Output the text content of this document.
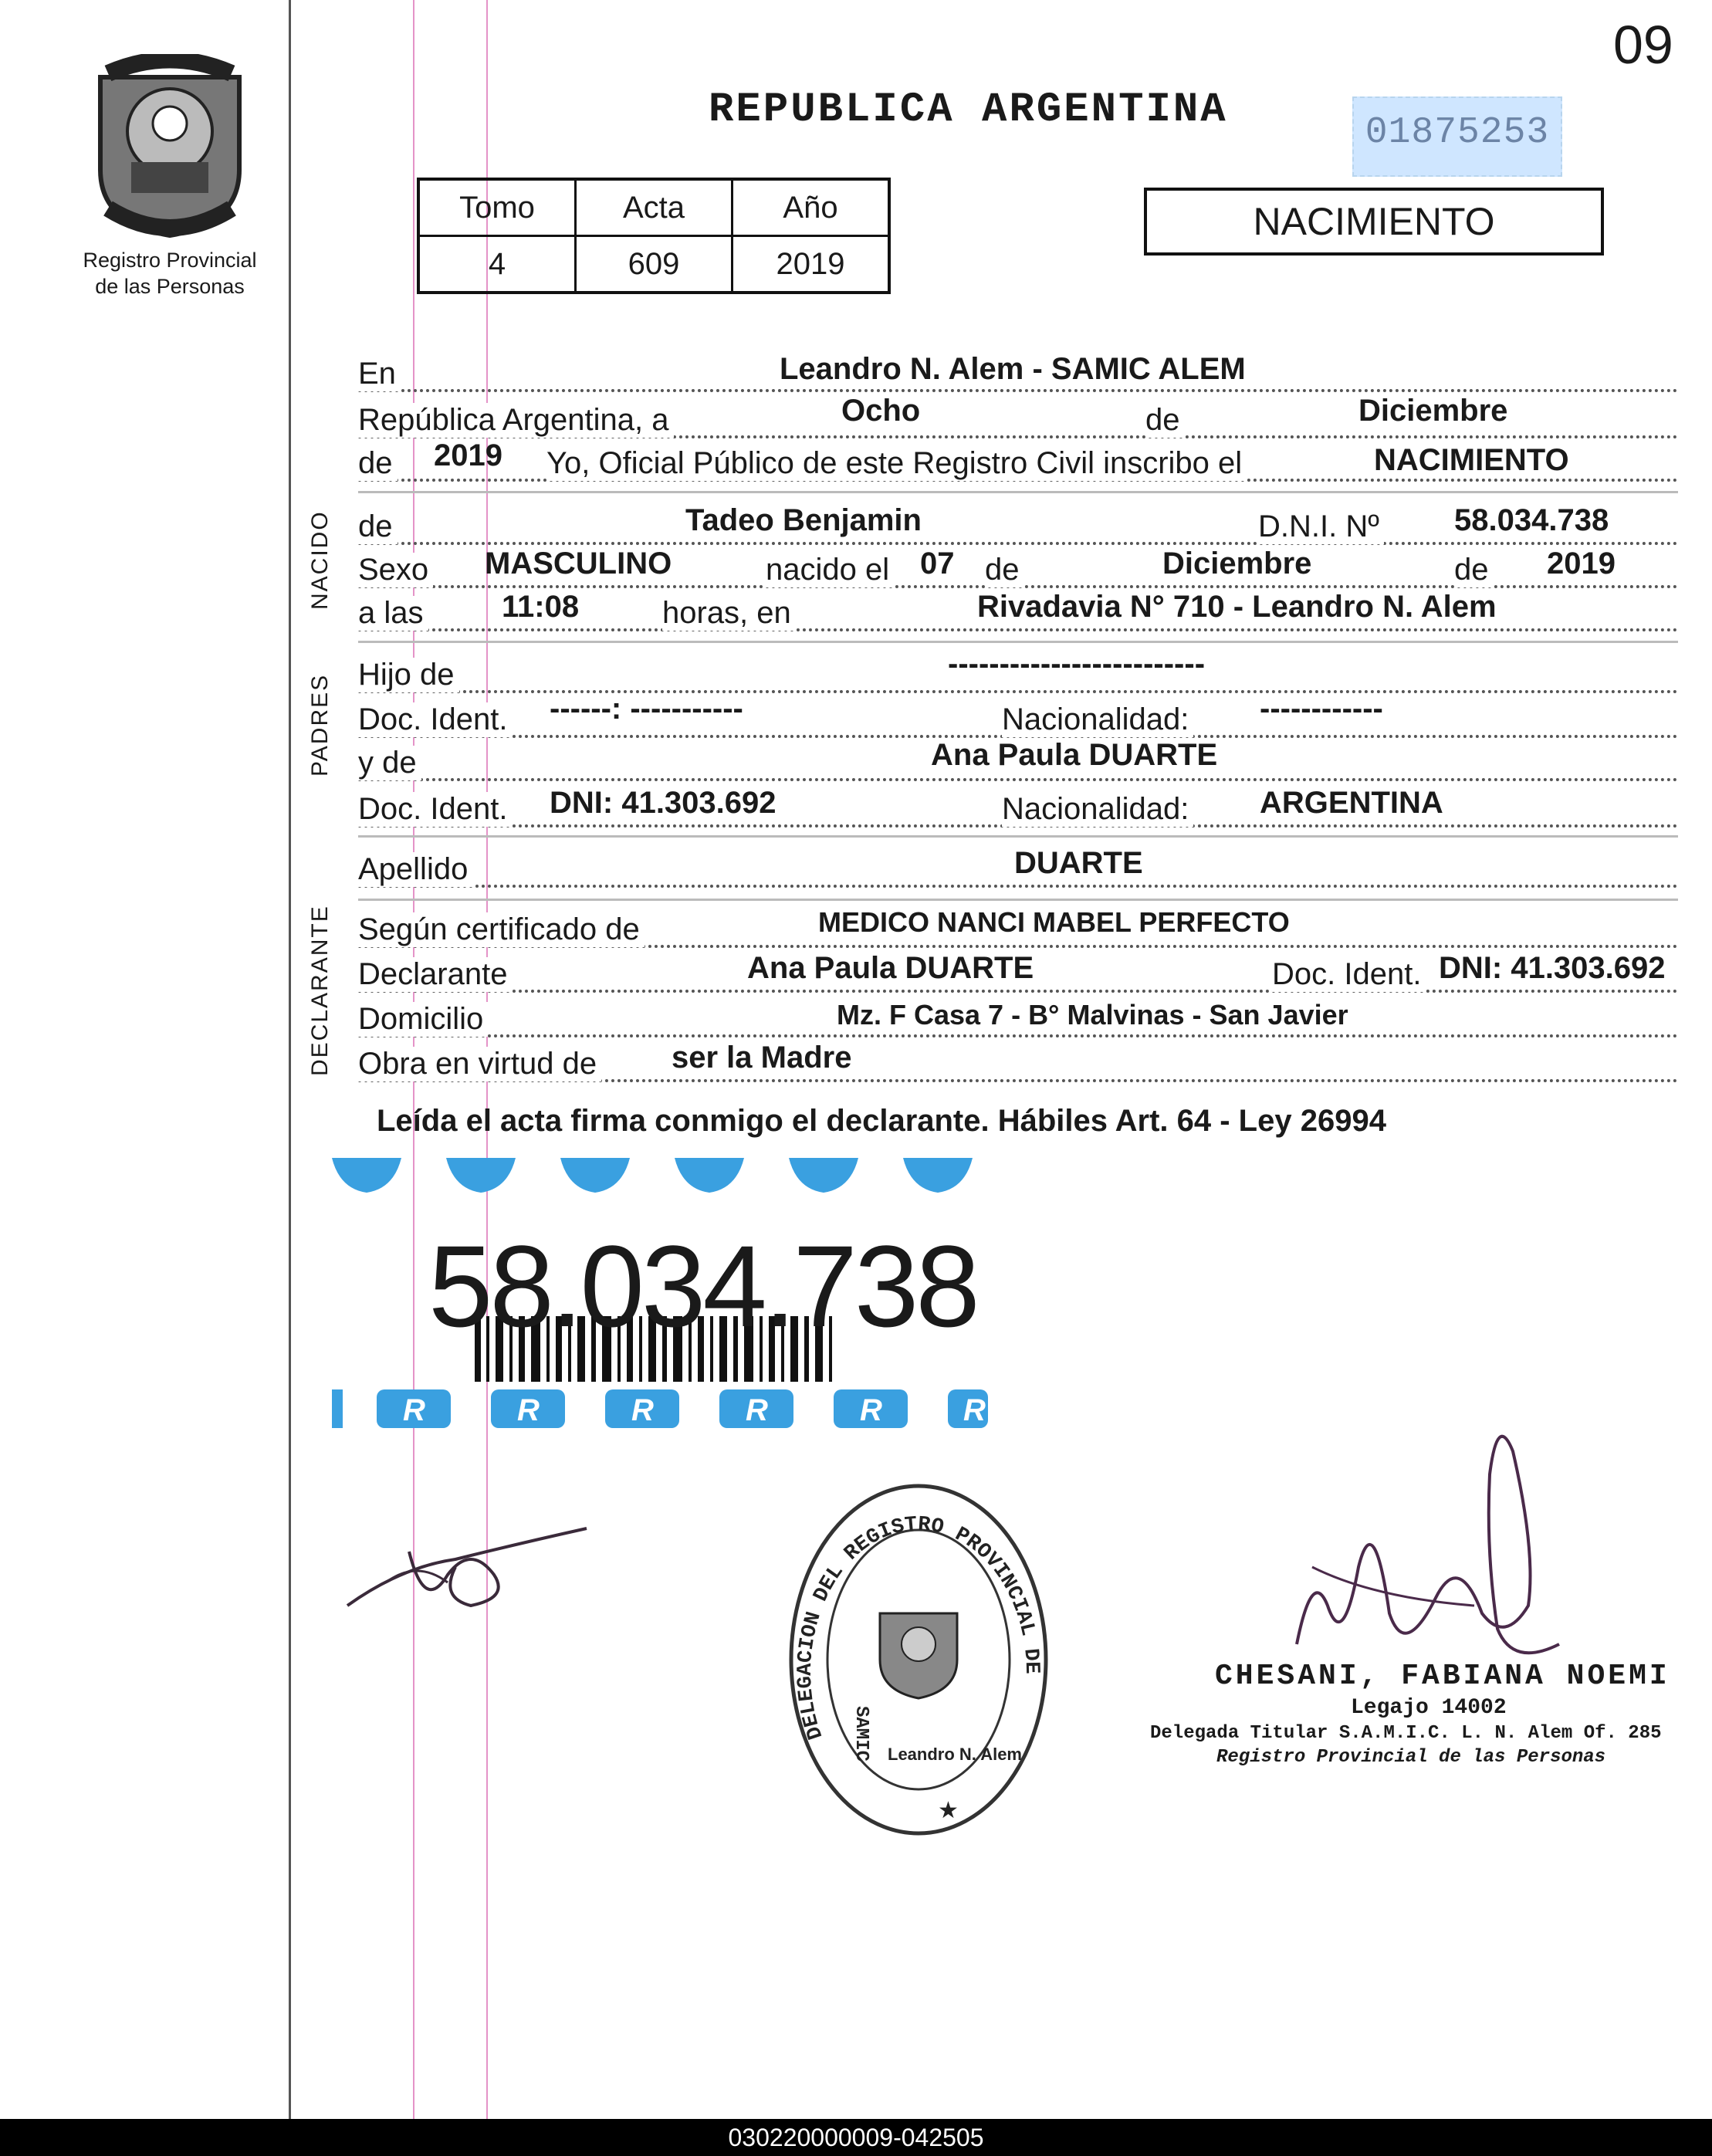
09
Registro Provincial
de las Personas
REPUBLICA ARGENTINA	01875253
Tomo	Acta	Año
4	609	2019
NACIMIENTO
En	Leandro N. Alem - SAMIC ALEM
República Argentina, a	Ocho	de	Diciembre
de 2019 Yo, Oficial Público de este Registro Civil inscribo el	NACIMIENTO
NACIDO de	Tadeo Benjamin	D.N.I. Nº 58.034.738
Sexo MASCULINO	nacido el 07 de	Diciembre	de 2019
a las	11:08	horas, en	Rivadavia N° 710 - Leandro N. Alem
PADRES Hijo de	-------------------------
Doc. Ident. ------: -----------	Nacionalidad: ------------
y de	Ana Paula DUARTE
Doc. Ident. DNI: 41.303.692	Nacionalidad: ARGENTINA
Apellido	DUARTE
DECLARANTE Según certificado de	MEDICO NANCI MABEL PERFECTO
Declarante	Ana Paula DUARTE	Doc. Ident. DNI: 41.303.692
Domicilio	Mz. F Casa 7 - B° Malvinas - San Javier
Obra en virtud de ser la Madre
Leída el acta firma conmigo el declarante. Hábiles Art. 64 - Ley 26994
R	R	R	R	R	R
58.034.738
DELEGACION DEL REGISTRO PROVINCIAL DE
SAMIC Leandro N. Alem
★
CHESANI, FABIANA NOEMI
Legajo 14002
Delegada Titular S.A.M.I.C. L. N. Alem Of. 285
Registro Provincial de las Personas
030220000009-042505
